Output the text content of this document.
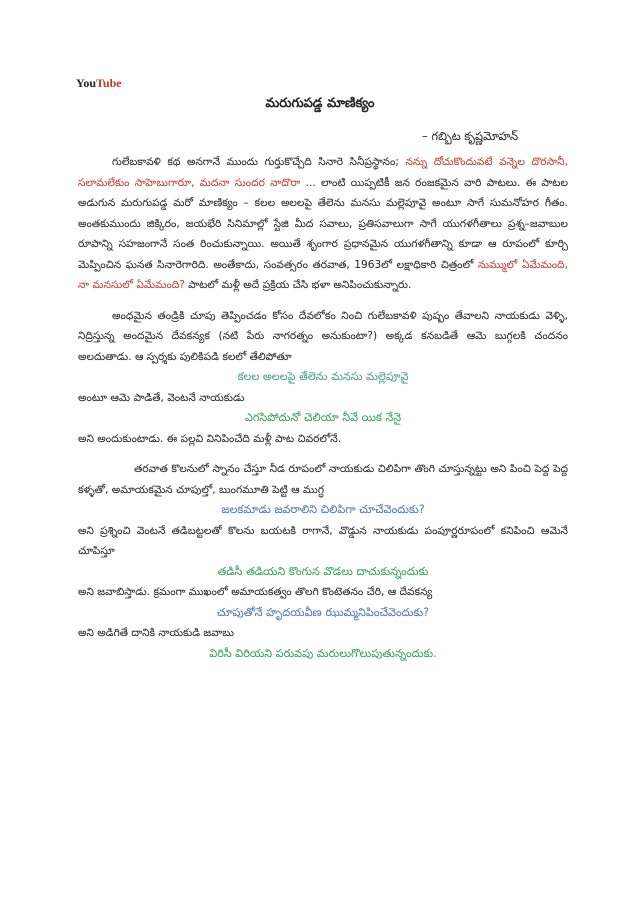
YouTube
మరుగుపడ్డ మాణిక్యం
– గబ్బిట కృష్ణమోహన్

గులేబకావళి కథ అనగానే ముందు గుర్తుకొచ్చేది సినారె సినీప్రస్థానం; నన్ను దోచుకొందువటే వన్నెల దొరసానీ, సలామలేకుం సాహెబుగారూ, మదనా సుందర నాదొరా ... లాంటి యిప్పటికీ జన రంజకమైన వారి పాటలు. ఈ పాటల అడుగున మరుగుపడ్డ మరో మాణిక్యం – కలల అలలపై తేలెను మనసు మల్లెపూవై అంటూ సాగే సుమనోహర గీతం. అంతకుముందు జిక్కిరం, జయభేరి సినిమాల్లో స్టేజి మీద సవాలు, ప్రతిసవాలుగా సాగే యుగళగీతాలు ప్రశ్న–జవాబుల రూపాన్ని సహజంగానే సంత రించుకున్నాయి. అయితే శృంగార ప్రధానమైన యుగళగీతాన్ని కూడా ఆ రూపంలో కూర్చి మెప్పించిన ఘనత సినారెగారిది. అంతేకాదు, సంవత్సరం తరవాత, 1963లో లక్షాధికారి చిత్రంలో నుమ్ములో ఏమేమంది, నా మనసులో ఏమేమంది? పాటలో మళ్లీ అదే ప్రక్రియ చేసి భళా అనిపించుకున్నారు.

అంధమైన తండ్రికి చూపు తెప్పించడం కోసం దేవలోకం నించి గులేబకావళి పుష్పం తేవాలని నాయకుడు వెళ్ళి, నిద్రిస్తున్న అందమైన దేవకన్యక (నటి పేరు నాగరత్నం అనుకుంటా?) అక్కడ కనబడితే ఆమె బుగ్గలకి చందనం అలదుతాడు. ఆ స్పర్శకు పులికిపడి కలలో తేలిపోతూ

కలల అలలపై తేలెను మనసు మల్లెపూవై

అంటూ ఆమె పాడితే, వెంటనే నాయకుడు

ఎగసిపోదునో చెలియా నీవే యిక నేనై

అని అందుకుంటాడు. ఈ పల్లవి వినిపించేది మళ్లీ పాట చివరలోనే.

తరవాత కొలనులో స్నానం చేస్తూ నీడ రూపంలో నాయకుడు చిలిపిగా తొంగి చూస్తున్నట్టు అని పించి పెద్ద పెద్ద కళ్ళతో, అమాయకమైన చూపుల్తో, బుంగమూతి పెట్టి ఆ ముగ్ధ

జలకమాడు జవరాలిని చిలిపిగా చూచేవెందుకు?

అని ప్రశ్నించి వెంటనే తడిబట్టలతో కొలను బయటకి రాగానే, వొడ్డున నాయకుడు పంపూర్ణరూపంలో కనిపించి ఆమెనే చూపిస్తూ

తడిసీ తడియని కొంగున వొడలు దాచుకున్నందుకు

అని జవాబిస్తాడు. క్రమంగా ముఖంలో అమాయకత్వం తొలగి కొంటెతనం చేరి, ఆ దేవకన్య

చూపుతోనే హృదయవీణ ఝుమ్మనిపించేవెందుకు?

అని అడిగితే దానికి నాయకుడి జవాబు

విరిసీ విరియని పరువపు మరులుగొలుపుతున్నందుకు.
